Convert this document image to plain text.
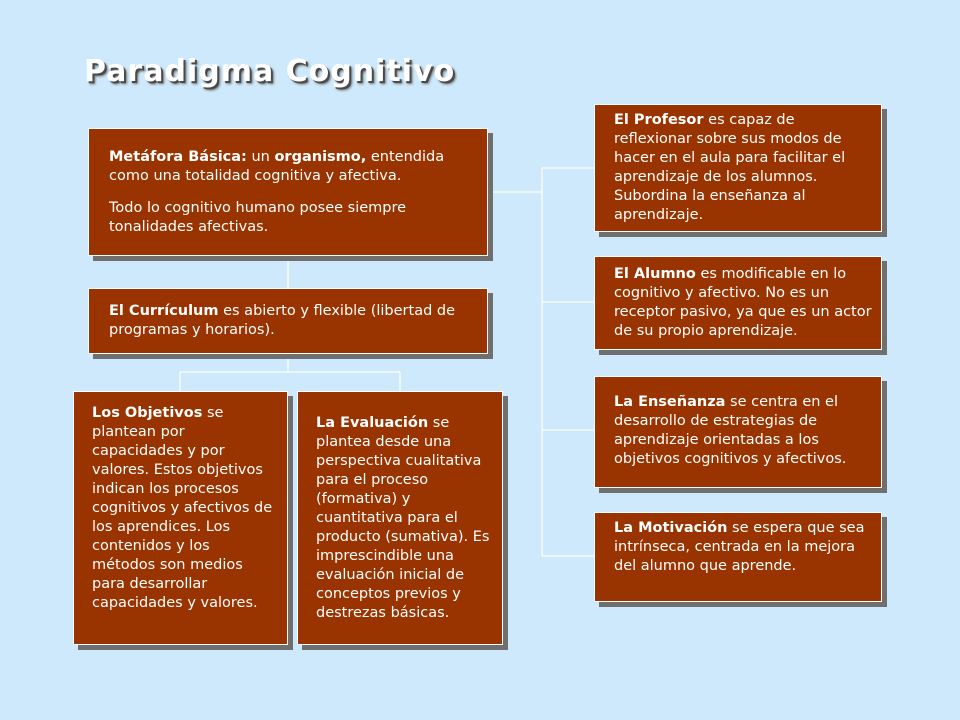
Paradigma Cognitivo

Metáfora Básica: un organismo, entendida como una totalidad cognitiva y afectiva.

Todo lo cognitivo humano posee siempre tonalidades afectivas.

El Currículum es abierto y flexible (libertad de programas y horarios).

Los Objetivos se plantean por capacidades y por valores. Estos objetivos indican los procesos cognitivos y afectivos de los aprendices. Los contenidos y los métodos son medios para desarrollar capacidades y valores.

La Evaluación se plantea desde una perspectiva cualitativa para el proceso (formativa) y cuantitativa para el producto (sumativa). Es imprescindible una evaluación inicial de conceptos previos y destrezas básicas.

El Profesor es capaz de reflexionar sobre sus modos de hacer en el aula para facilitar el aprendizaje de los alumnos. Subordina la enseñanza al aprendizaje.

El Alumno es modificable en lo cognitivo y afectivo. No es un receptor pasivo, ya que es un actor de su propio aprendizaje.

La Enseñanza se centra en el desarrollo de estrategias de aprendizaje orientadas a los objetivos cognitivos y afectivos.

La Motivación se espera que sea intrínseca, centrada en la mejora del alumno que aprende.
